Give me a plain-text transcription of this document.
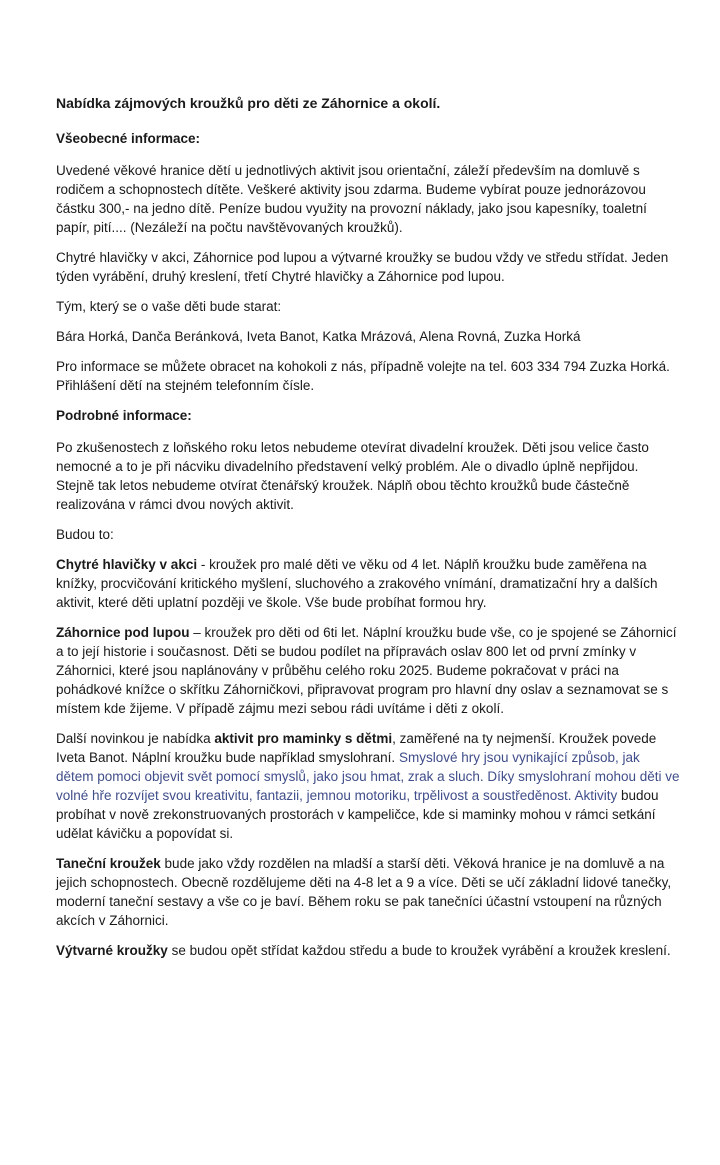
Nabídka zájmových kroužků pro děti ze Záhornice a okolí.
Všeobecné informace:

Uvedené věkové hranice dětí u jednotlivých aktivit jsou orientační, záleží především na domluvě s rodičem a schopnostech dítěte. Veškeré aktivity jsou zdarma. Budeme vybírat pouze jednorázovou částku 300,- na jedno dítě. Peníze budou využity na provozní náklady, jako jsou kapesníky, toaletní papír, pití.... (Nezáleží na počtu navštěvovaných kroužků).

Chytré hlavičky v akci, Záhornice pod lupou a výtvarné kroužky se budou vždy ve středu střídat. Jeden týden vyrábění, druhý kreslení, třetí Chytré hlavičky a Záhornice pod lupou.

Tým, který se o vaše děti bude starat:

Bára Horká, Danča Beránková, Iveta Banot, Katka Mrázová, Alena Rovná, Zuzka Horká

Pro informace se můžete obracet na kohokoli z nás, případně volejte na tel. 603 334 794 Zuzka Horká. Přihlášení dětí na stejném telefonním čísle.

Podrobné informace:

Po zkušenostech z loňského roku letos nebudeme otevírat divadelní kroužek. Děti jsou velice často nemocné a to je při nácviku divadelního představení velký problém. Ale o divadlo úplně nepřijdou. Stejně tak letos nebudeme otvírat čtenářský kroužek. Náplň obou těchto kroužků bude částečně realizována v rámci dvou nových aktivit.

Budou to:

Chytré hlavičky v akci - kroužek pro malé děti ve věku od 4 let. Náplň kroužku bude zaměřena na knížky, procvičování kritického myšlení, sluchového a zrakového vnímání, dramatizační hry a dalších aktivit, které děti uplatní později ve škole. Vše bude probíhat formou hry.

Záhornice pod lupou – kroužek pro děti od 6ti let. Náplní kroužku bude vše, co je spojené se Záhornicí a to její historie i současnost. Děti se budou podílet na přípravách oslav 800 let od první zmínky v Záhornici, které jsou naplánovány v průběhu celého roku 2025. Budeme pokračovat v práci na pohádkové knížce o skřítku Záhorničkovi, připravovat program pro hlavní dny oslav a seznamovat se s místem kde žijeme. V případě zájmu mezi sebou rádi uvítáme i děti z okolí.

Další novinkou je nabídka aktivit pro maminky s dětmi, zaměřené na ty nejmenší. Kroužek povede Iveta Banot. Náplní kroužku bude například smyslohraní. Smyslové hry jsou vynikající způsob, jak dětem pomoci objevit svět pomocí smyslů, jako jsou hmat, zrak a sluch. Díky smyslohraní mohou děti ve volné hře rozvíjet svou kreativitu, fantazii, jemnou motoriku, trpělivost a soustředěnost. Aktivity budou probíhat v nově zrekonstruovaných prostorách v kampeličce, kde si maminky mohou v rámci setkání udělat kávičku a popovídat si.

Taneční kroužek bude jako vždy rozdělen na mladší a starší děti. Věková hranice je na domluvě a na jejich schopnostech. Obecně rozdělujeme děti na 4-8 let a 9 a více. Děti se učí základní lidové tanečky, moderní taneční sestavy a vše co je baví. Během roku se pak tanečníci účastní vstoupení na různých akcích v Záhornici.

Výtvarné kroužky se budou opět střídat každou středu a bude to kroužek vyrábění a kroužek kreslení.
